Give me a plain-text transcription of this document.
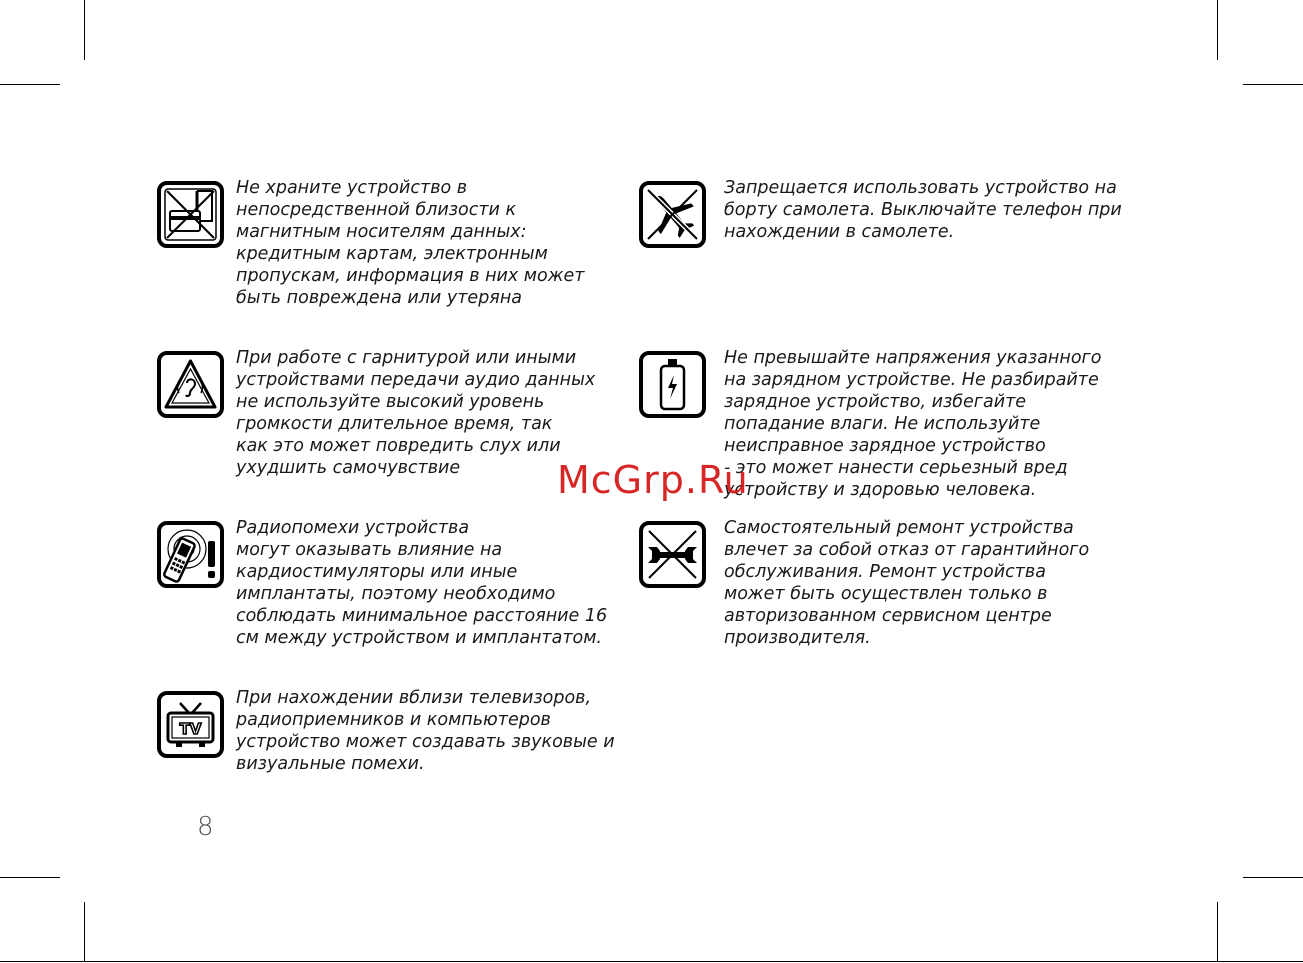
Не храните устройство в
непосредственной близости к
магнитным носителям данных:
кредитным картам, электронным
пропускам, информация в них может
быть повреждена или утеряна
Запрещается использовать устройство на
борту самолета. Выключайте телефон при
нахождении в самолете.
При работе с гарнитурой или иными
устройствами передачи аудио данных
не используйте высокий уровень
громкости длительное время, так
как это может повредить слух или
ухудшить самочувствие
Не превышайте напряжения указанного
на зарядном устройстве. Не разбирайте
зарядное устройство, избегайте
попадание влаги. Не используйте
неисправное зарядное устройство
- это может нанести серьезный вред
устройству и здоровью человека.
Радиопомехи устройства
могут оказывать влияние на
кардиостимуляторы или иные
имплантаты, поэтому необходимо
соблюдать минимальное расстояние 16
см между устройством и имплантатом.
Самостоятельный ремонт устройства
влечет за собой отказ от гарантийного
обслуживания. Ремонт устройства
может быть осуществлен только в
авторизованном сервисном центре
производителя.
TV
При нахождении вблизи телевизоров,
радиоприемников и компьютеров
устройство может создавать звуковые и
визуальные помехи.
8
McGrp.Ru
